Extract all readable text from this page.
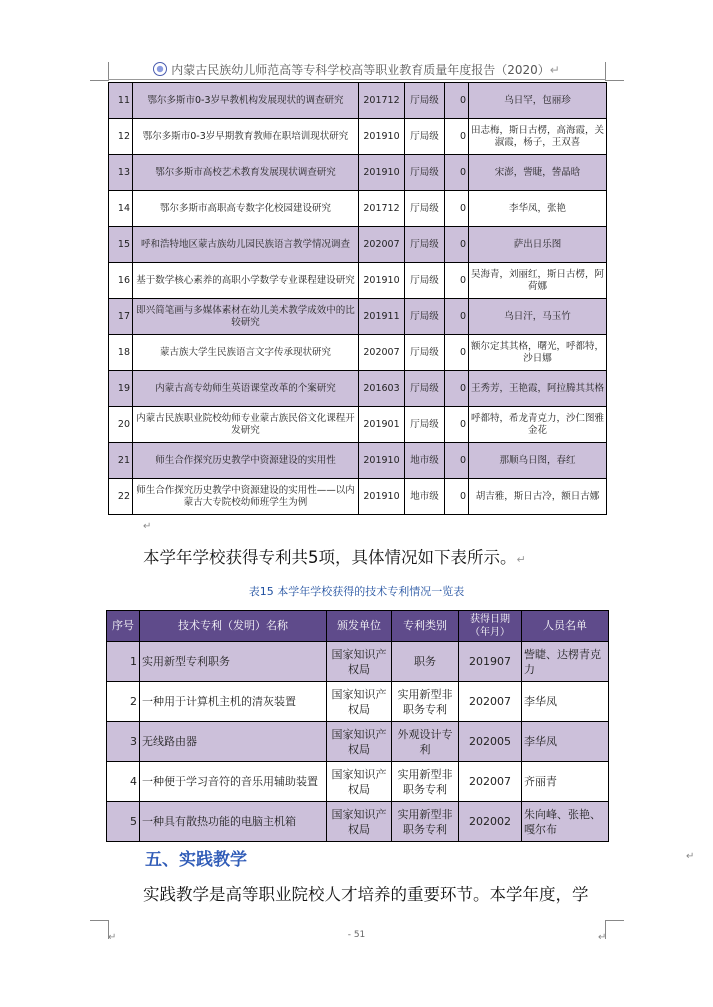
内蒙古民族幼儿师范高等专科学校高等职业教育质量年度报告（2020）↵
11	鄂尔多斯市0-3岁早教机构发展现状的调查研究	201712	厅局级	0	乌日罕，包丽珍
12	鄂尔多斯市0-3岁早期教育教师在职培训现状研究	201910	厅局级	0	田志梅，斯日古楞，高海霞，关淑霞，杨子，王双喜
13	鄂尔多斯市高校艺术教育发展现状调查研究	201910	厅局级	0	宋澎，訾睫，訾晶晗
14	鄂尔多斯市高职高专数字化校园建设研究	201712	厅局级	0	李华凤，张艳
15	呼和浩特地区蒙古族幼儿园民族语言教学情况调查	202007	厅局级	0	萨出日乐图
16	基于数学核心素养的高职小学数学专业课程建设研究	201910	厅局级	0	吴海青，刘丽红，斯日古楞，阿荷娜
17	即兴简笔画与多媒体素材在幼儿美术教学成效中的比较研究	201911	厅局级	0	乌日汗，马玉竹
18	蒙古族大学生民族语言文字传承现状研究	202007	厅局级	0	额尔定其其格，曙光，呼都特，沙日娜
19	内蒙古高专幼师生英语课堂改革的个案研究	201603	厅局级	0	王秀芳，王艳霞，阿拉腾其其格
20	内蒙古民族职业院校幼师专业蒙古族民俗文化课程开发研究	201901	厅局级	0	呼都特，希龙青克力，沙仁图雅金花
21	师生合作探究历史教学中资源建设的实用性	201910	地市级	0	那顺乌日图，春红
22	师生合作探究历史教学中资源建设的实用性——以内蒙古大专院校幼师班学生为例	201910	地市级	0	胡吉雅，斯日古冷，额日古娜
↵
本学年学校获得专利共5项，具体情况如下表所示。↵
表15 本学年学校获得的技术专利情况一览表
序号	技术专利（发明）名称	颁发单位	专利类别	获得日期（年月）	人员名单
1	实用新型专利职务	国家知识产权局	职务	201907	訾睫、达楞青克力
2	一种用于计算机主机的清灰装置	国家知识产权局	实用新型非职务专利	202007	李华凤
3	无线路由器	国家知识产权局	外观设计专利	202005	李华凤
4	一种便于学习音符的音乐用辅助装置	国家知识产权局	实用新型非职务专利	202007	齐丽青
5	一种具有散热功能的电脑主机箱	国家知识产权局	实用新型非职务专利	202002	朱向峰、张艳、嘎尔布
五、实践教学	↵
实践教学是高等职业院校人才培养的重要环节。本学年度，学
- 51
↵	↵
